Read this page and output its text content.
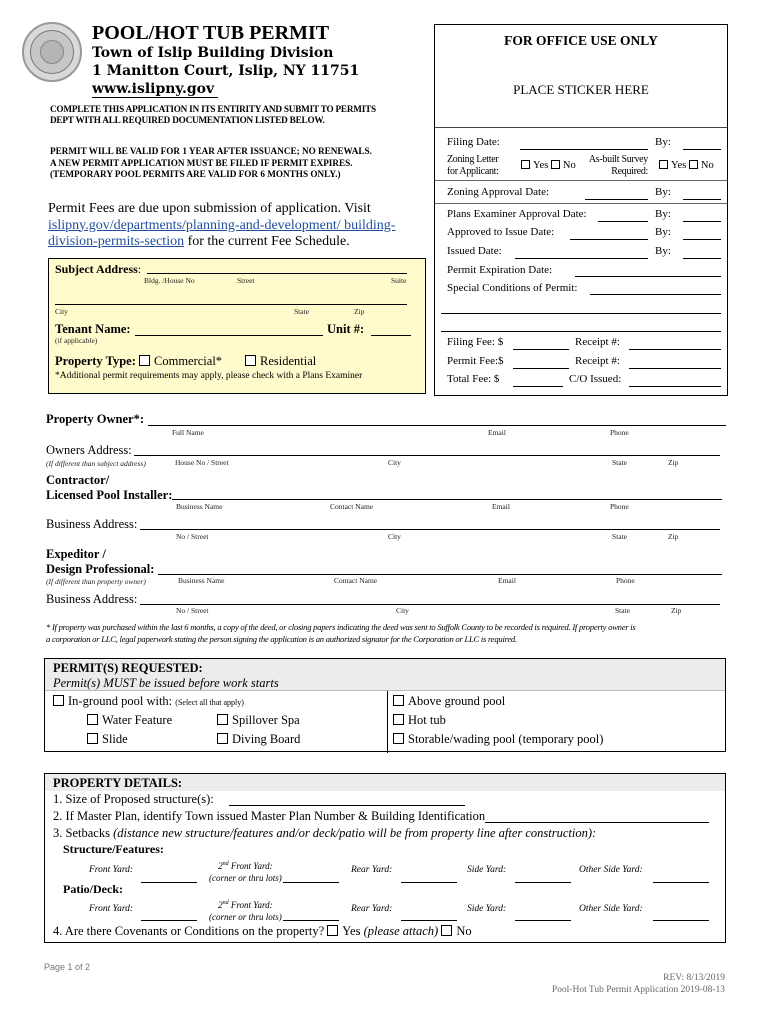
POOL/HOT TUB PERMIT
Town of Islip Building Division
1 Manitton Court, Islip, NY 11751
www.islipny.gov
COMPLETE THIS APPLICATION IN ITS ENTIRITY AND SUBMIT TO PERMITS
DEPT WITH ALL REQUIRED DOCUMENTATION LISTED BELOW.
PERMIT WILL BE VALID FOR 1 YEAR AFTER ISSUANCE; NO RENEWALS.
A NEW PERMIT APPLICATION MUST BE FILED IF PERMIT EXPIRES.
(TEMPORARY POOL PERMITS ARE VALID FOR 6 MONTHS ONLY.)
Permit Fees are due upon submission of application. Visit
islipny.gov/departments/planning-and-development/ building-
division-permits-section for the current Fee Schedule.
FOR OFFICE USE ONLY
PLACE STICKER HERE
Filing Date:	By:
Zoning Letter
for Applicant:
Yes No
As-built Survey
Required:
Yes No
Zoning Approval Date:	By:
Plans Examiner Approval Date:	By:
Approved to Issue Date:	By:
Issued Date:	By:
Permit Expiration Date:
Special Conditions of Permit:
Filing Fee: $	Receipt #:
Permit Fee:$	Receipt #:
Total Fee: $	C/O Issued:
Subject Address:
Bldg. /House No	Street	Suite
City	State	Zip
Tenant Name:	Unit #:
(if applicable)
Property Type: Commercial*	Residential
*Additional permit requirements may apply, please check with a Plans Examiner
Property Owner*:
Full Name	Email	Phone
Owners Address:
(If different than subject address)	House No / Street	City	State	Zip
Contractor/
Licensed Pool Installer:
Business Name	Contact Name	Email	Phone
Business Address:
No / Street	City	State	Zip
Expeditor /
Design Professional:
(If different than property owner)	Business Name	Contact Name	Email	Phone
Business Address:
No / Street	City	State	Zip
* If property was purchased within the last 6 months, a copy of the deed, or closing papers indicating the deed was sent to Suffolk County to be recorded is required. If property owner is
a corporation or LLC, legal paperwork stating the person signing the application is an authorized signator for the Corporation or LLC is required.
PERMIT(S) REQUESTED:
Permit(s) MUST be issued before work starts
In-ground pool with: (Select all that apply)
Water Feature	Spillover Spa
Slide	Diving Board
Above ground pool
Hot tub
Storable/wading pool (temporary pool)
PROPERTY DETAILS:
1. Size of Proposed structure(s):
2. If Master Plan, identify Town issued Master Plan Number & Building Identification
3. Setbacks (distance new structure/features and/or deck/patio will be from property line after construction):
Structure/Features:
Front Yard:	2nd Front Yard:
(corner or thru lots)
Rear Yard:	Side Yard:	Other Side Yard:
Patio/Deck:
Front Yard:	2nd Front Yard:
(corner or thru lots)
Rear Yard:	Side Yard:	Other Side Yard:
4. Are there Covenants or Conditions on the property? Yes (please attach) No
Page 1 of 2
REV: 8/13/2019
Pool-Hot Tub Permit Application 2019-08-13
